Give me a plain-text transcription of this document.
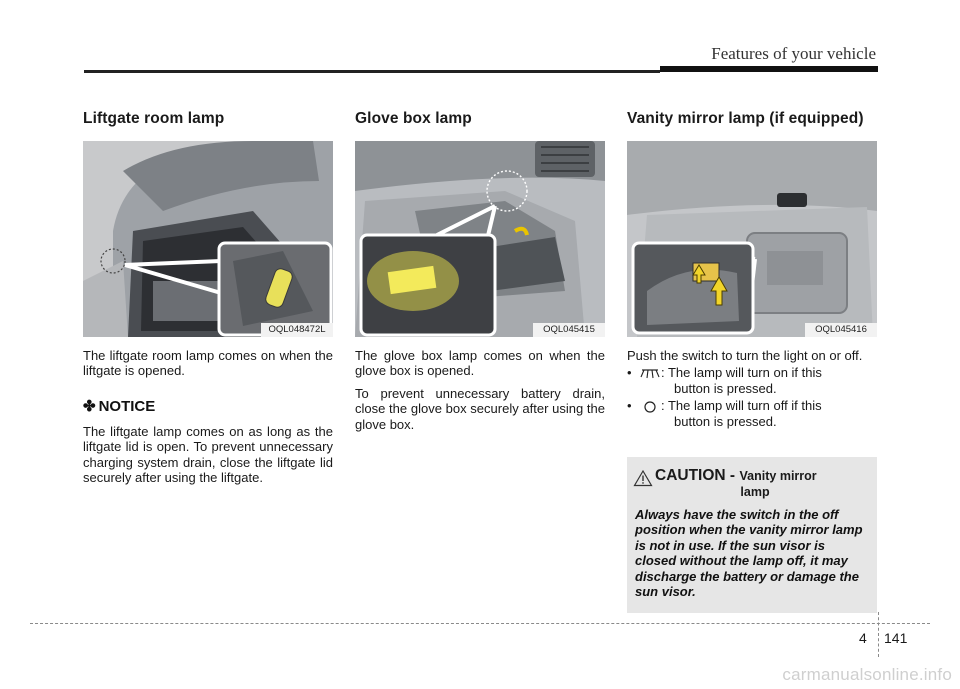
Features of your vehicle
Liftgate room lamp
OQL048472L

The liftgate room lamp comes on when the liftgate is opened.

✤ NOTICE

The liftgate lamp comes on as long as the liftgate lid is open. To prevent unnecessary charging system drain, close the liftgate lid securely after using the liftgate.

Glove box lamp
OQL045415

The glove box lamp comes on when the glove box is opened.

To prevent unnecessary battery drain, close the glove box securely after using the glove box.

Vanity mirror lamp (if equipped)
OQL045416

Push the switch to turn the light on or off.

• : The lamp will turn on if this
button is pressed.
• : The lamp will turn off if this
button is pressed.
CAUTION - Vanity mirror
lamp

Always have the switch in the off position when the vanity mirror lamp is not in use. If the sun visor is closed without the lamp off, it may discharge the battery or damage the sun visor.

4 141
carmanualsonline.info
